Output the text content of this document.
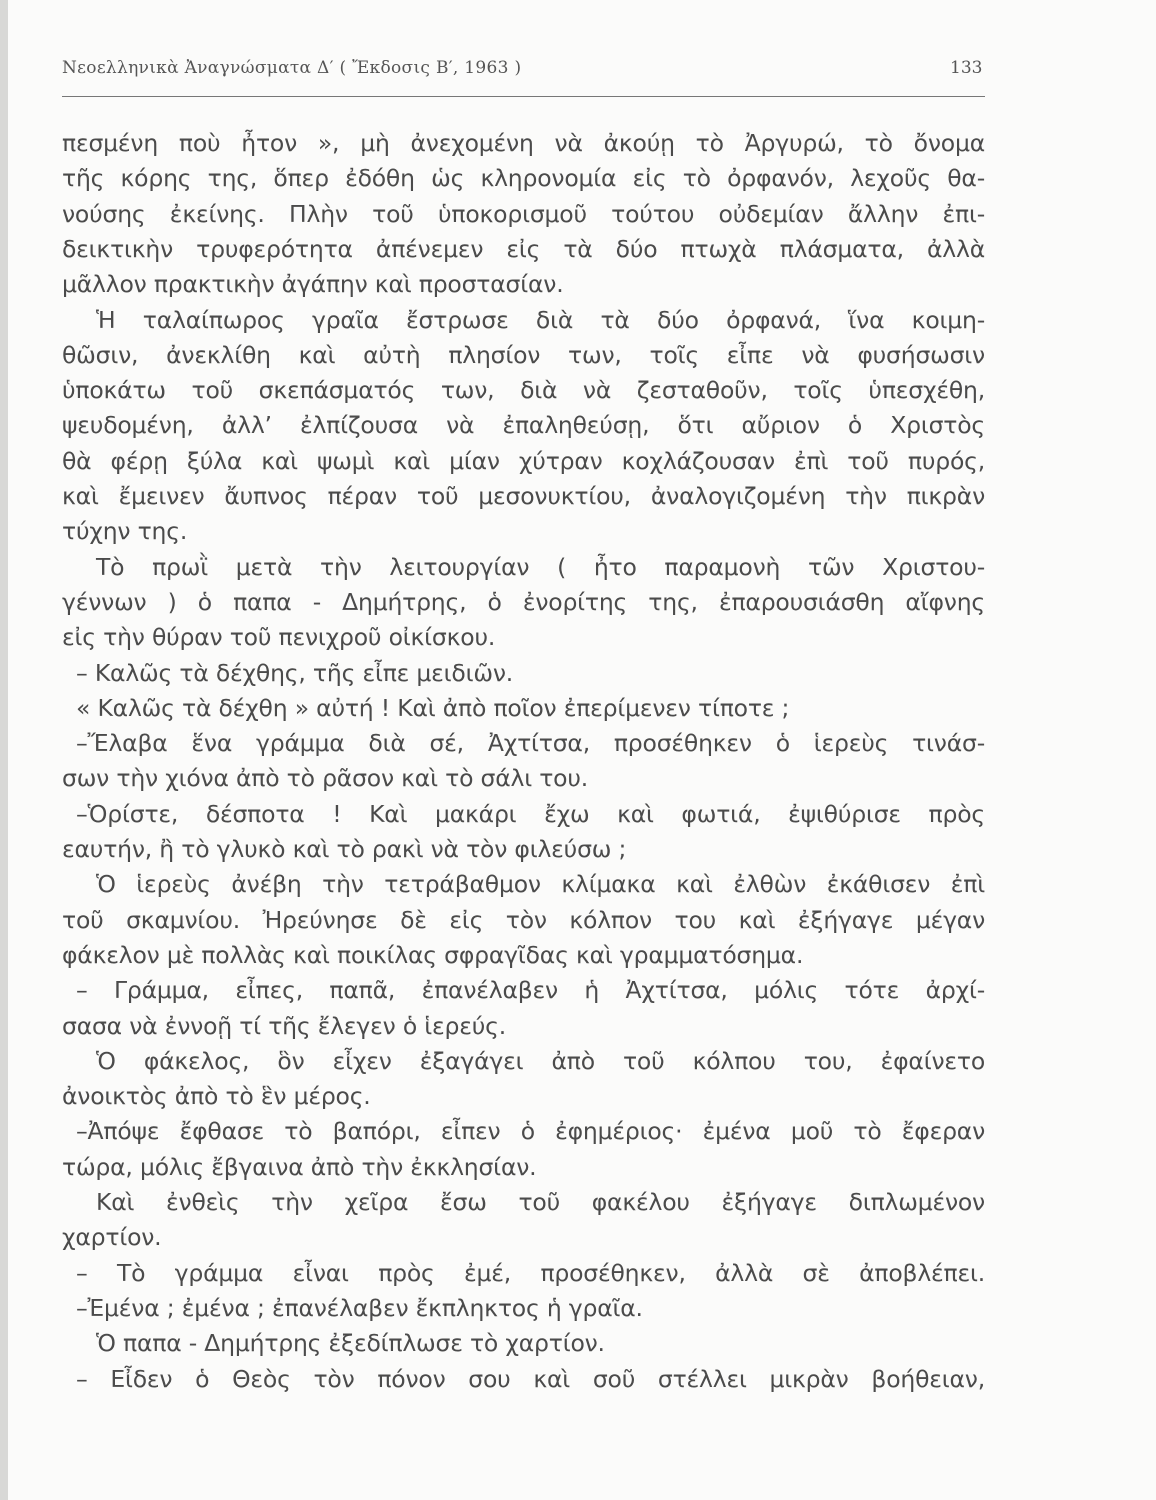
Νεοελληνικὰ Ἀναγνώσματα Δ′ ( Ἔκδοσις Β′, 1963 )	133
πεσμένη ποὺ ἦτον », μὴ ἀνεχομένη νὰ ἀκούῃ τὸ Ἀργυρώ, τὸ ὄνομα
τῆς κόρης της, ὅπερ ἐδόθη ὡς κληρονομία εἰς τὸ ὀρφανόν, λεχοῦς θα-
νούσης ἐκείνης. Πλὴν τοῦ ὑποκορισμοῦ τούτου οὐδεμίαν ἄλλην ἐπι-
δεικτικὴν τρυφερότητα ἀπένεμεν εἰς τὰ δύο πτωχὰ πλάσματα, ἀλλὰ
μᾶλλον πρακτικὴν ἀγάπην καὶ προστασίαν.
Ἡ ταλαίπωρος γραῖα ἔστρωσε διὰ τὰ δύο ὀρφανά, ἵνα κοιμη-
θῶσιν, ἀνεκλίθη καὶ αὐτὴ πλησίον των, τοῖς εἶπε νὰ φυσήσωσιν
ὑποκάτω τοῦ σκεπάσματός των, διὰ νὰ ζεσταθοῦν, τοῖς ὑπεσχέθη,
ψευδομένη, ἀλλ’ ἐλπίζουσα νὰ ἐπαληθεύσῃ, ὅτι αὔριον ὁ Χριστὸς
θὰ φέρῃ ξύλα καὶ ψωμὶ καὶ μίαν χύτραν κοχλάζουσαν ἐπὶ τοῦ πυρός,
καὶ ἔμεινεν ἄυπνος πέραν τοῦ μεσονυκτίου, ἀναλογιζομένη τὴν πικρὰν
τύχην της.
Τὸ πρωῒ μετὰ τὴν λειτουργίαν ( ἦτο παραμονὴ τῶν Χριστου-
γέννων ) ὁ παπα - Δημήτρης, ὁ ἐνορίτης της, ἐπαρουσιάσθη αἴφνης
εἰς τὴν θύραν τοῦ πενιχροῦ οἰκίσκου.
– Καλῶς τὰ δέχθης, τῆς εἶπε μειδιῶν.
« Καλῶς τὰ δέχθη » αὐτή ! Καὶ ἀπὸ ποῖον ἐπερίμενεν τίποτε ;
–Ἔλαβα ἕνα γράμμα διὰ σέ, Ἀχτίτσα, προσέθηκεν ὁ ἱερεὺς τινάσ-
σων τὴν χιόνα ἀπὸ τὸ ρᾶσον καὶ τὸ σάλι του.
–Ὁρίστε, δέσποτα ! Καὶ μακάρι ἔχω καὶ φωτιά, ἐψιθύρισε πρὸς
εαυτήν, ἢ τὸ γλυκὸ καὶ τὸ ρακὶ νὰ τὸν φιλεύσω ;
Ὁ ἱερεὺς ἀνέβη τὴν τετράβαθμον κλίμακα καὶ ἐλθὼν ἐκάθισεν ἐπὶ
τοῦ σκαμνίου. Ἠρεύνησε δὲ εἰς τὸν κόλπον του καὶ ἐξήγαγε μέγαν
φάκελον μὲ πολλὰς καὶ ποικίλας σφραγῖδας καὶ γραμματόσημα.
– Γράμμα, εἶπες, παπᾶ, ἐπανέλαβεν ἡ Ἀχτίτσα, μόλις τότε ἀρχί-
σασα νὰ ἐννοῇ τί τῆς ἔλεγεν ὁ ἱερεύς.
Ὁ φάκελος, ὃν εἶχεν ἐξαγάγει ἀπὸ τοῦ κόλπου του, ἐφαίνετο
ἀνοικτὸς ἀπὸ τὸ ἓν μέρος.
–Ἀπόψε ἔφθασε τὸ βαπόρι, εἶπεν ὁ ἐφημέριος· ἐμένα μοῦ τὸ ἔφεραν
τώρα, μόλις ἔβγαινα ἀπὸ τὴν ἐκκλησίαν.
Καὶ ἐνθεὶς τὴν χεῖρα ἔσω τοῦ φακέλου ἐξήγαγε διπλωμένον
χαρτίον.
– Τὸ γράμμα εἶναι πρὸς ἐμέ, προσέθηκεν, ἀλλὰ σὲ ἀποβλέπει.
–Ἐμένα ; ἐμένα ; ἐπανέλαβεν ἔκπληκτος ἡ γραῖα.
Ὁ παπα - Δημήτρης ἐξεδίπλωσε τὸ χαρτίον.
– Εἶδεν ὁ Θεὸς τὸν πόνον σου καὶ σοῦ στέλλει μικρὰν βοήθειαν,
